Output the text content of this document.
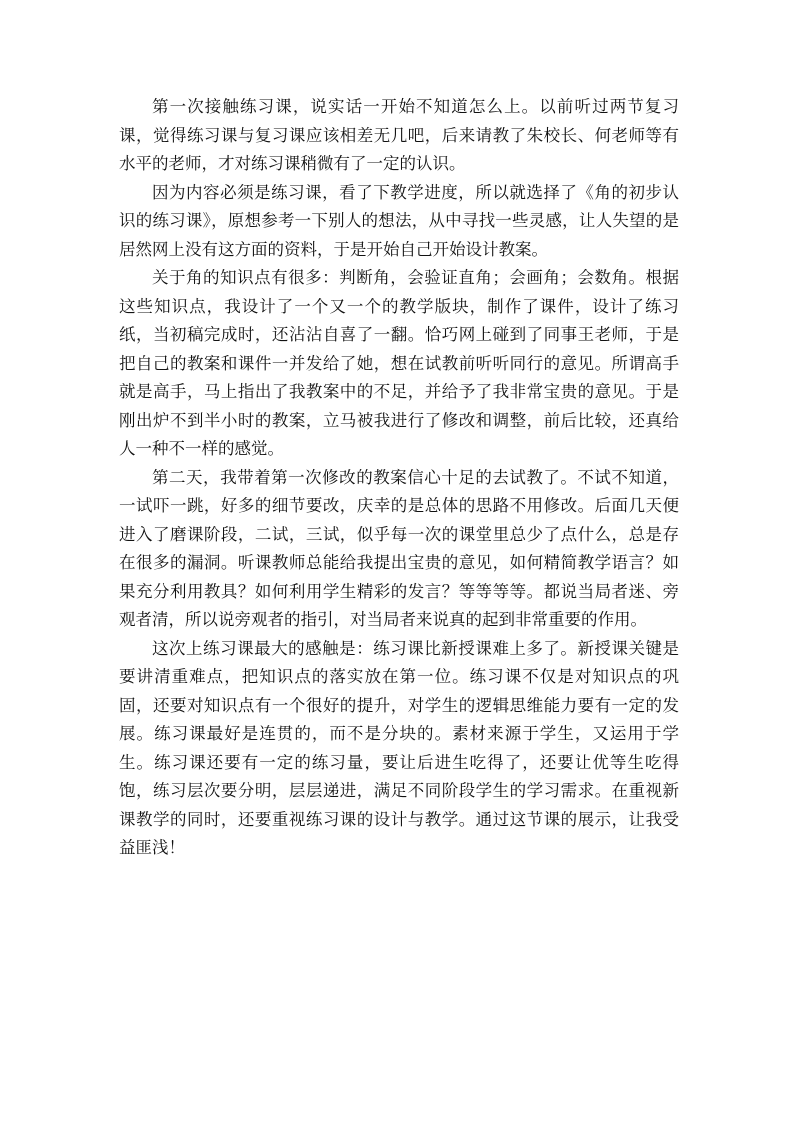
第一次接触练习课，说实话一开始不知道怎么上。以前听过两节复习课，觉得练习课与复习课应该相差无几吧，后来请教了朱校长、何老师等有水平的老师，才对练习课稍微有了一定的认识。

因为内容必须是练习课，看了下教学进度，所以就选择了《角的初步认识的练习课》，原想参考一下别人的想法，从中寻找一些灵感，让人失望的是居然网上没有这方面的资料，于是开始自己开始设计教案。

关于角的知识点有很多：判断角，会验证直角；会画角；会数角。根据这些知识点，我设计了一个又一个的教学版块，制作了课件，设计了练习纸，当初稿完成时，还沾沾自喜了一翻。恰巧网上碰到了同事王老师，于是把自己的教案和课件一并发给了她，想在试教前听听同行的意见。所谓高手就是高手，马上指出了我教案中的不足，并给予了我非常宝贵的意见。于是刚出炉不到半小时的教案，立马被我进行了修改和调整，前后比较，还真给人一种不一样的感觉。

第二天，我带着第一次修改的教案信心十足的去试教了。不试不知道，一试吓一跳，好多的细节要改，庆幸的是总体的思路不用修改。后面几天便进入了磨课阶段，二试，三试，似乎每一次的课堂里总少了点什么，总是存在很多的漏洞。听课教师总能给我提出宝贵的意见，如何精简教学语言？如果充分利用教具？如何利用学生精彩的发言？等等等等。都说当局者迷、旁观者清，所以说旁观者的指引，对当局者来说真的起到非常重要的作用。

这次上练习课最大的感触是：练习课比新授课难上多了。新授课关键是要讲清重难点，把知识点的落实放在第一位。练习课不仅是对知识点的巩固，还要对知识点有一个很好的提升，对学生的逻辑思维能力要有一定的发展。练习课最好是连贯的，而不是分块的。素材来源于学生，又运用于学生。练习课还要有一定的练习量，要让后进生吃得了，还要让优等生吃得饱，练习层次要分明，层层递进，满足不同阶段学生的学习需求。在重视新课教学的同时，还要重视练习课的设计与教学。通过这节课的展示，让我受益匪浅！
